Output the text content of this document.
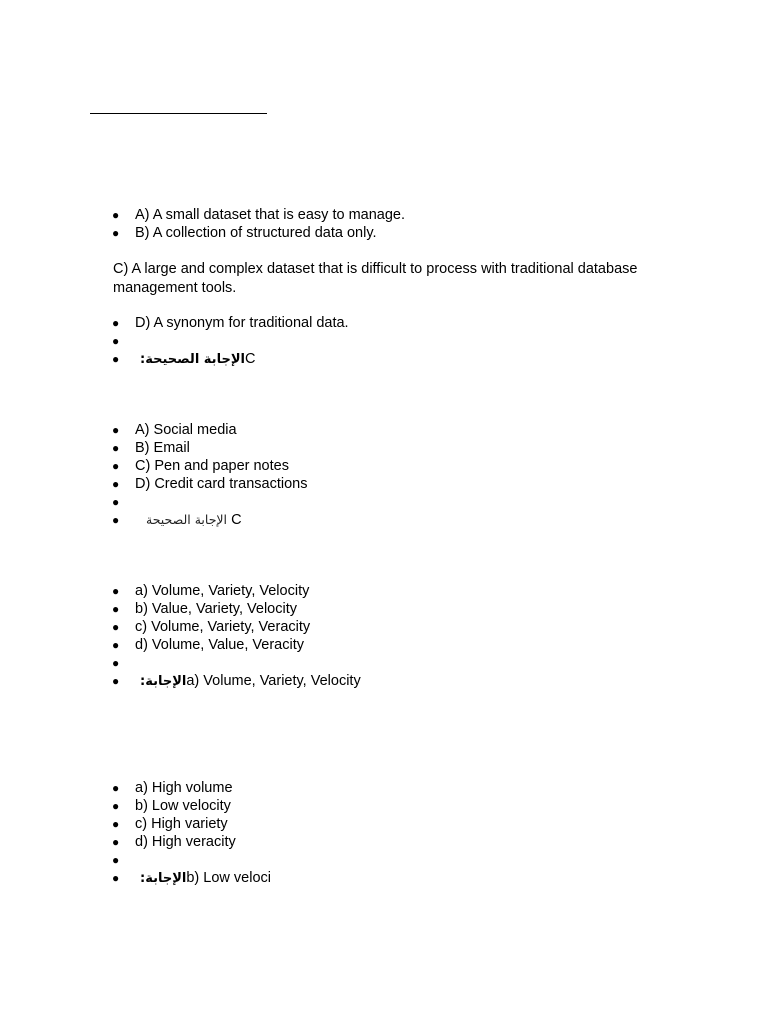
● A) A small dataset that is easy to manage.
● B) A collection of structured data only.
C) A large and complex dataset that is difficult to process with traditional database management tools.
● D) A synonym for traditional data.
●
● الإجابة الصحيحة:C
● A) Social media
● B) Email
● C) Pen and paper notes
● D) Credit card transactions
●
● الإجابة الصحيحة C
● a) Volume, Variety, Velocity
● b) Value, Variety, Velocity
● c) Volume, Variety, Veracity
● d) Volume, Value, Veracity
●
● الإجابة:a) Volume, Variety, Velocity
● a) High volume
● b) Low velocity
● c) High variety
● d) High veracity
●
● الإجابة:b) Low veloci
